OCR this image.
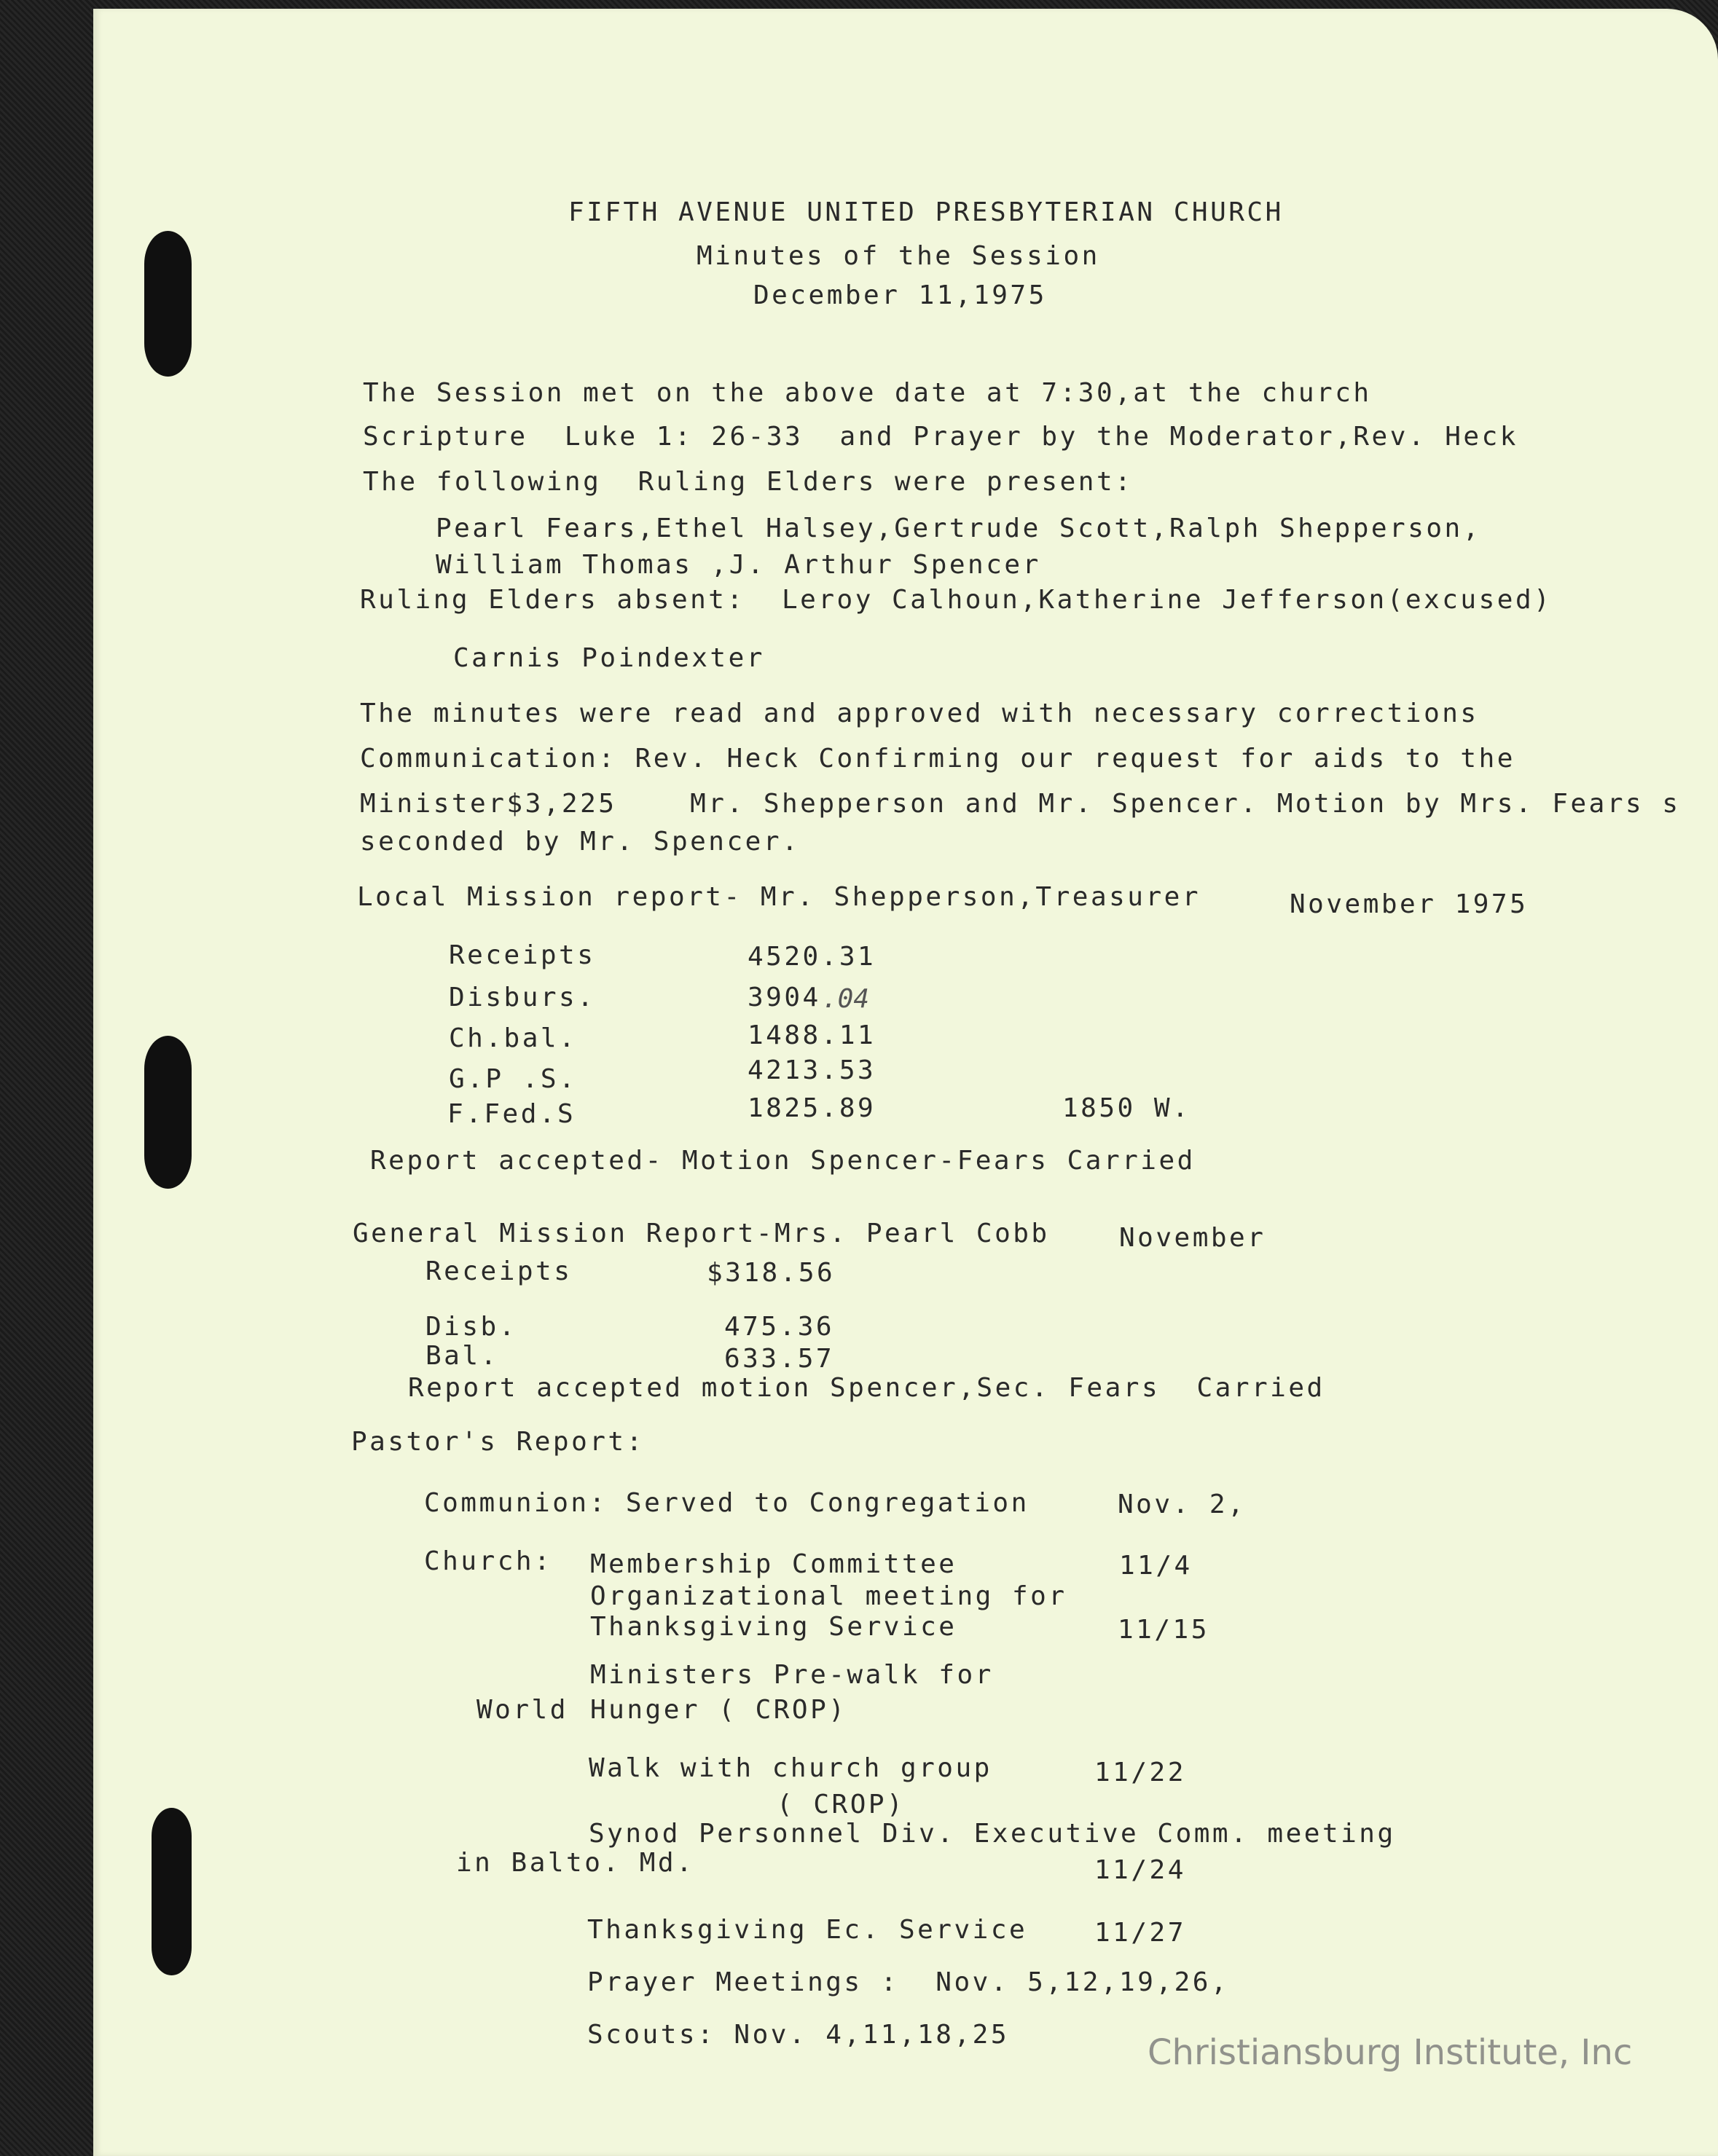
FIFTH AVENUE UNITED PRESBYTERIAN CHURCH
Minutes of the Session
December 11,1975
The Session met on the above date at 7:30,at the church
Scripture  Luke 1: 26-33  and Prayer by the Moderator,Rev. Heck
The following  Ruling Elders were present:
Pearl Fears,Ethel Halsey,Gertrude Scott,Ralph Shepperson,
William Thomas ,J. Arthur Spencer
Ruling Elders absent:  Leroy Calhoun,Katherine Jefferson(excused)
Carnis Poindexter
The minutes were read and approved with necessary corrections
Communication: Rev. Heck Confirming our request for aids to the
Minister$3,225    Mr. Shepperson and Mr. Spencer. Motion by Mrs. Fears s
seconded by Mr. Spencer.
Local Mission report- Mr. Shepperson,Treasurer	November 1975
Receipts	4520.31
Disburs.	3904 .04
Ch.bal.	1488.11
G.P .S.	4213.53
F.Fed.S	1825.89	1850 W.
Report accepted- Motion Spencer-Fears Carried
General Mission Report-Mrs. Pearl Cobb	November
Receipts	$318.56
Disb.	475.36
Bal.	633.57
Report accepted motion Spencer,Sec. Fears  Carried
Pastor's Report:
Communion: Served to Congregation	Nov. 2,
Church: Membership Committee	11/4
Organizational meeting for
Thanksgiving Service	11/15
Ministers Pre-walk for
World Hunger ( CROP)
Walk with church group	11/22
( CROP)
Synod Personnel Div. Executive Comm. meeting
in Balto. Md.	11/24
Thanksgiving Ec. Service	11/27
Prayer Meetings :  Nov. 5,12,19,26,
Scouts: Nov. 4,11,18,25	Christiansburg Institute, Inc
